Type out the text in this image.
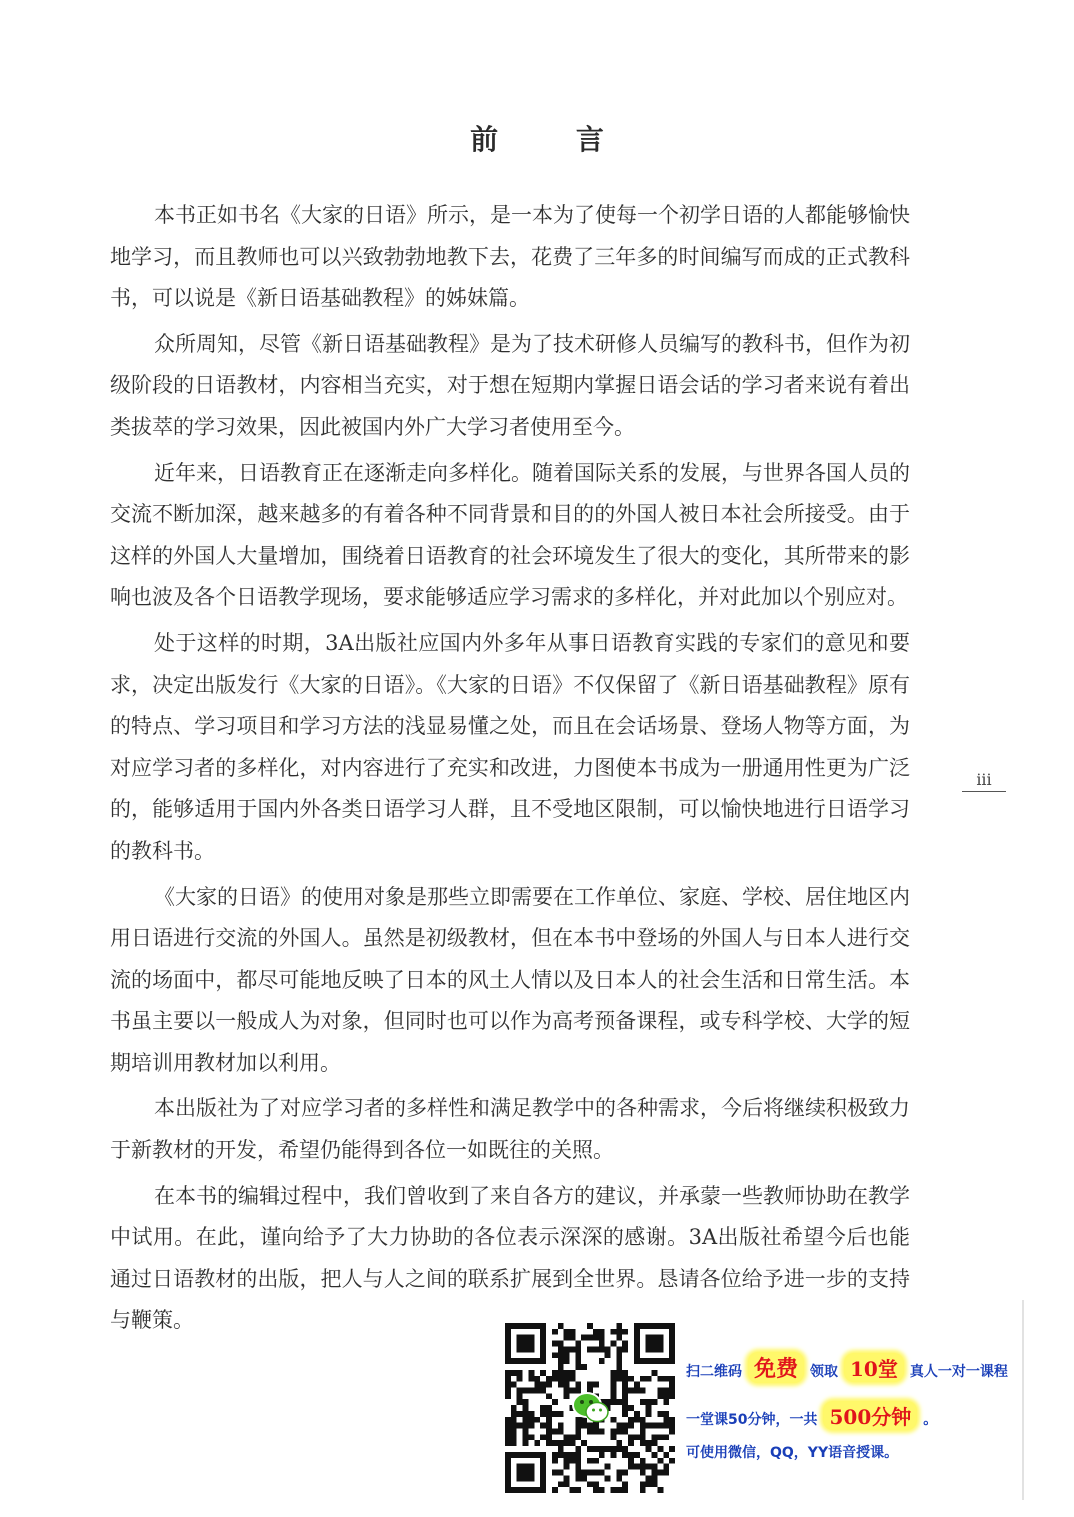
前 言

本书正如书名《大家的日语》所示，是一本为了使每一个初学日语的人都能够愉快地学习，而且教师也可以兴致勃勃地教下去，花费了三年多的时间编写而成的正式教科书，可以说是《新日语基础教程》的姊妹篇。

众所周知，尽管《新日语基础教程》是为了技术研修人员编写的教科书，但作为初级阶段的日语教材，内容相当充实，对于想在短期内掌握日语会话的学习者来说有着出类拔萃的学习效果，因此被国内外广大学习者使用至今。

近年来，日语教育正在逐渐走向多样化。随着国际关系的发展，与世界各国人员的交流不断加深，越来越多的有着各种不同背景和目的的外国人被日本社会所接受。由于这样的外国人大量增加，围绕着日语教育的社会环境发生了很大的变化，其所带来的影响也波及各个日语教学现场，要求能够适应学习需求的多样化，并对此加以个别应对。

处于这样的时期，3A出版社应国内外多年从事日语教育实践的专家们的意见和要求，决定出版发行《大家的日语》。《大家的日语》不仅保留了《新日语基础教程》原有的特点、学习项目和学习方法的浅显易懂之处，而且在会话场景、登场人物等方面，为对应学习者的多样化，对内容进行了充实和改进，力图使本书成为一册通用性更为广泛的，能够适用于国内外各类日语学习人群，且不受地区限制，可以愉快地进行日语学习的教科书。

《大家的日语》的使用对象是那些立即需要在工作单位、家庭、学校、居住地区内用日语进行交流的外国人。虽然是初级教材，但在本书中登场的外国人与日本人进行交流的场面中，都尽可能地反映了日本的风土人情以及日本人的社会生活和日常生活。本书虽主要以一般成人为对象，但同时也可以作为高考预备课程，或专科学校、大学的短期培训用教材加以利用。

本出版社为了对应学习者的多样性和满足教学中的各种需求，今后将继续积极致力于新教材的开发，希望仍能得到各位一如既往的关照。

在本书的编辑过程中，我们曾收到了来自各方的建议，并承蒙一些教师协助在教学中试用。在此，谨向给予了大力协助的各位表示深深的感谢。3A出版社希望今后也能通过日语教材的出版，把人与人之间的联系扩展到全世界。恳请各位给予进一步的支持与鞭策。

iii
扫二维码 免费 领取 10堂 真人一对一课程
一堂课50分钟，一共 500分钟 。
可使用微信，QQ，YY语音授课。
